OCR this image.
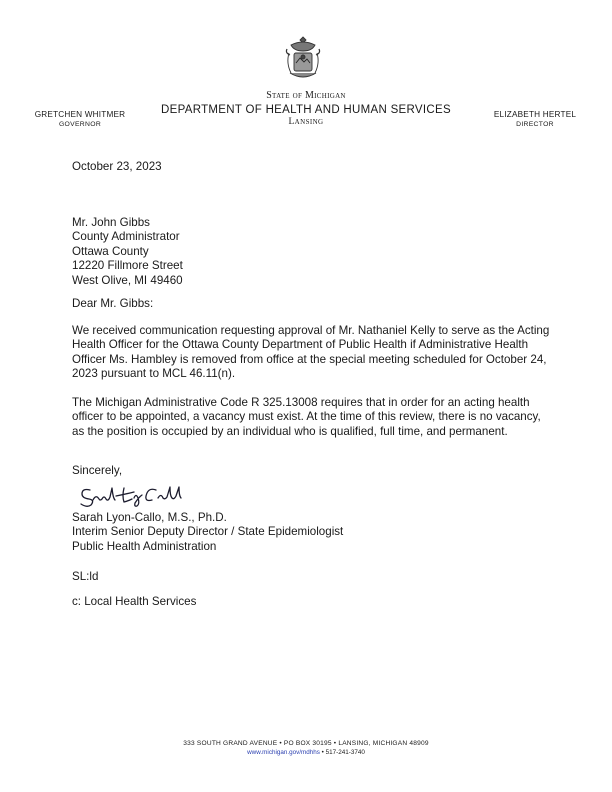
State of Michigan
DEPARTMENT OF HEALTH AND HUMAN SERVICES
Lansing
GRETCHEN WHITMER
GOVERNOR
ELIZABETH HERTEL
DIRECTOR
October 23, 2023
Mr. John Gibbs
County Administrator
Ottawa County
12220 Fillmore Street
West Olive, MI 49460
Dear Mr. Gibbs:
We received communication requesting approval of Mr. Nathaniel Kelly to serve as the Acting Health Officer for the Ottawa County Department of Public Health if Administrative Health Officer Ms. Hambley is removed from office at the special meeting scheduled for October 24, 2023 pursuant to MCL 46.11(n).
The Michigan Administrative Code R 325.13008 requires that in order for an acting health officer to be appointed, a vacancy must exist. At the time of this review, there is no vacancy, as the position is occupied by an individual who is qualified, full time, and permanent.
Sincerely,
Sarah Lyon-Callo, M.S., Ph.D.
Interim Senior Deputy Director / State Epidemiologist
Public Health Administration
SL:ld
c: Local Health Services
333 SOUTH GRAND AVENUE • PO BOX 30195 • LANSING, MICHIGAN 48909
www.michigan.gov/mdhhs • 517-241-3740
